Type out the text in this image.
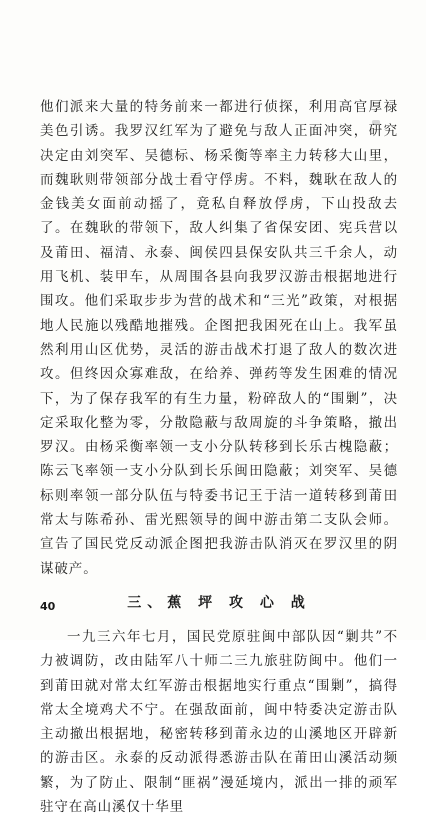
他们派来大量的特务前来一都进行侦探，利用高官厚禄美色引诱。我罗汉红军为了避免与敌人正面冲突，研究决定由刘突军、吴德标、杨采衡等率主力转移大山里，而魏耿则带领部分战士看守俘虏。不料，魏耿在敌人的金钱美女面前动摇了，竟私自释放俘虏，下山投敌去了。在魏耿的带领下，敌人纠集了省保安团、宪兵营以及莆田、福清、永泰、闽侯四县保安队共三千余人，动用飞机、装甲车，从周围各县向我罗汉游击根据地进行围攻。他们采取步步为营的战术和“三光”政策，对根据地人民施以残酷地摧残。企图把我困死在山上。我军虽然利用山区优势，灵活的游击战术打退了敌人的数次进攻。但终因众寡难敌，在给养、弹药等发生困难的情况下，为了保存我军的有生力量，粉碎敌人的“围剿”，决定采取化整为零，分散隐蔽与敌周旋的斗争策略，撤出罗汉。由杨采衡率领一支小分队转移到长乐古槐隐蔽；陈云飞率领一支小分队到长乐闽田隐蔽；刘突军、吴德标则率领一部分队伍与特委书记王于洁一道转移到莆田常太与陈希孙、雷光熙领导的闽中游击第二支队会师。宣告了国民党反动派企图把我游击队消灭在罗汉里的阴谋破产。

三、蕉 坪 攻 心 战

一九三六年七月，国民党原驻闽中部队因“剿共”不力被调防，改由陆军八十师二三九旅驻防闽中。他们一到莆田就对常太红军游击根据地实行重点“围剿”，搞得常太全境鸡犬不宁。在强敌面前，闽中特委决定游击队主动撤出根据地，秘密转移到莆永边的山溪地区开辟新的游击区。永泰的反动派得悉游击队在莆田山溪活动频繁，为了防止、限制“匪祸”漫延境内，派出一排的顽军驻守在高山溪仅十华里

40
